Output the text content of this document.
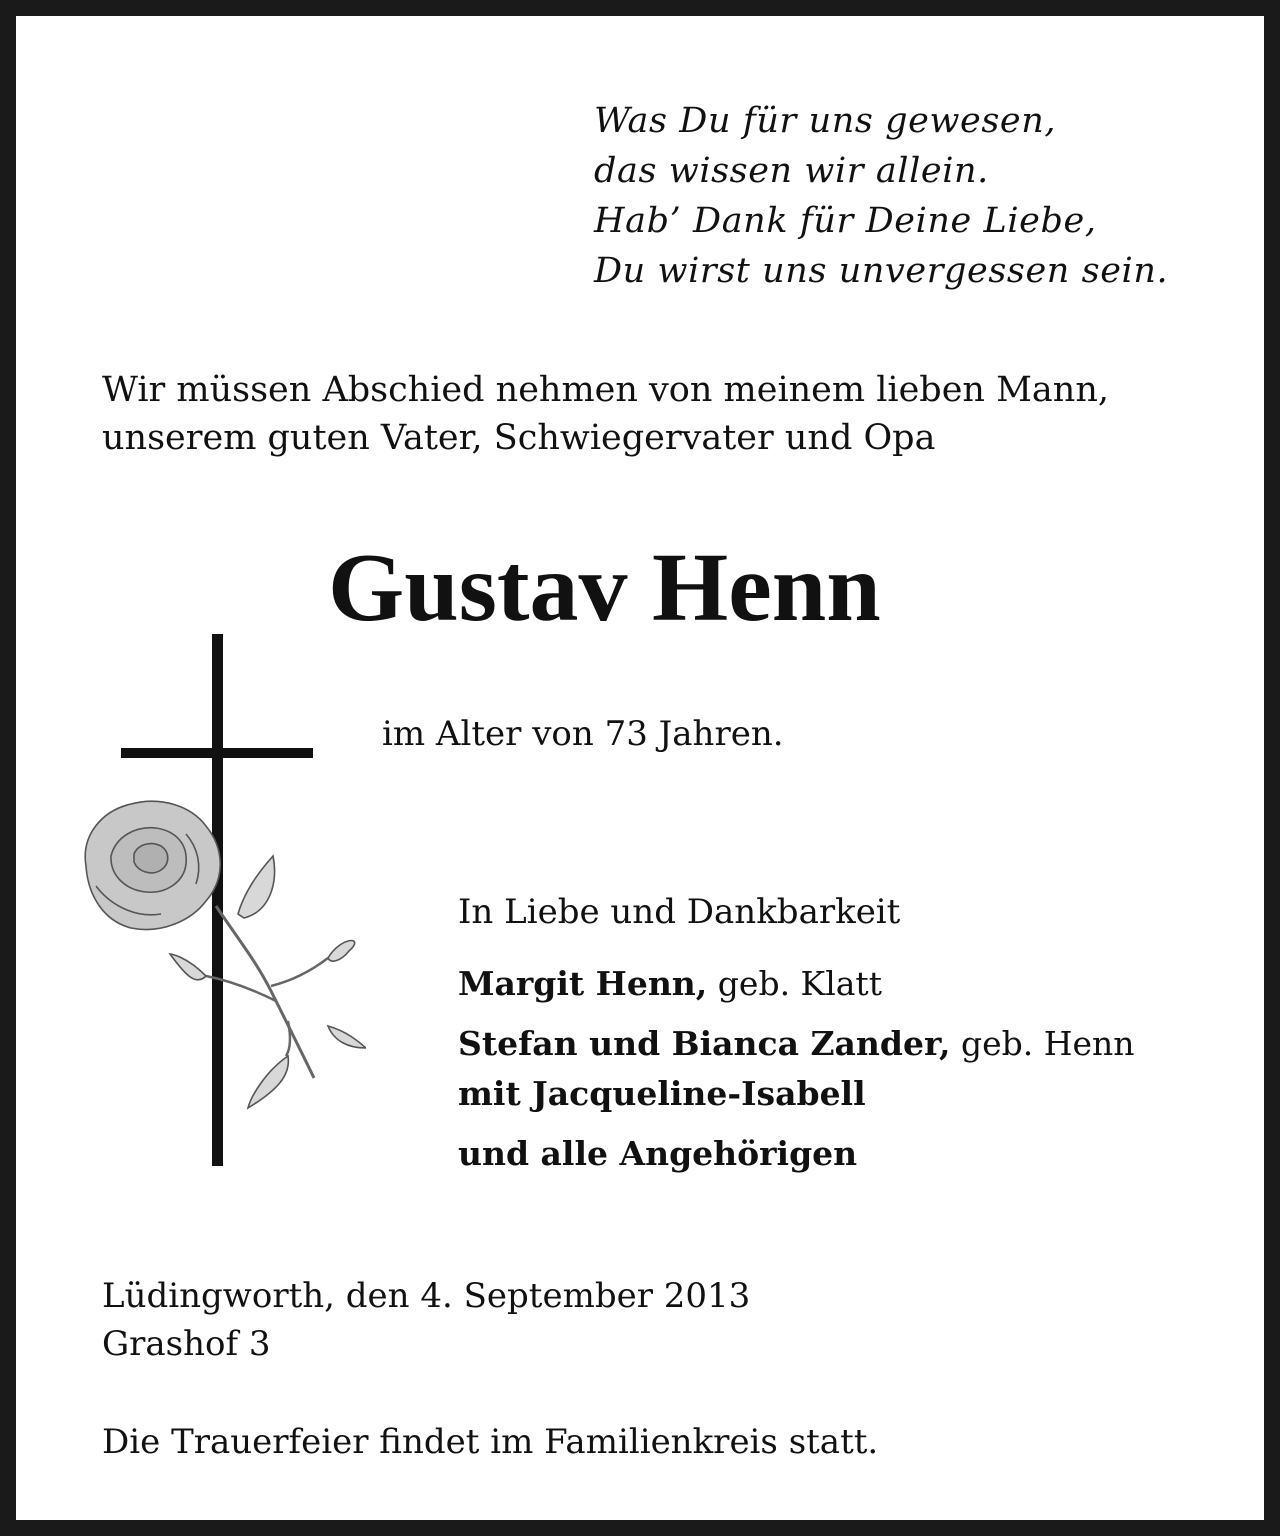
Was Du für uns gewesen,
das wissen wir allein.
Hab’ Dank für Deine Liebe,
Du wirst uns unvergessen sein.
Wir müssen Abschied nehmen von meinem lieben Mann,
unserem guten Vater, Schwiegervater und Opa
Gustav Henn
im Alter von 73 Jahren.
In Liebe und Dankbarkeit
Margit Henn, geb. Klatt
Stefan und Bianca Zander, geb. Henn
mit Jacqueline-Isabell
und alle Angehörigen
Lüdingworth, den 4. September 2013
Grashof 3
Die Trauerfeier findet im Familienkreis statt.
